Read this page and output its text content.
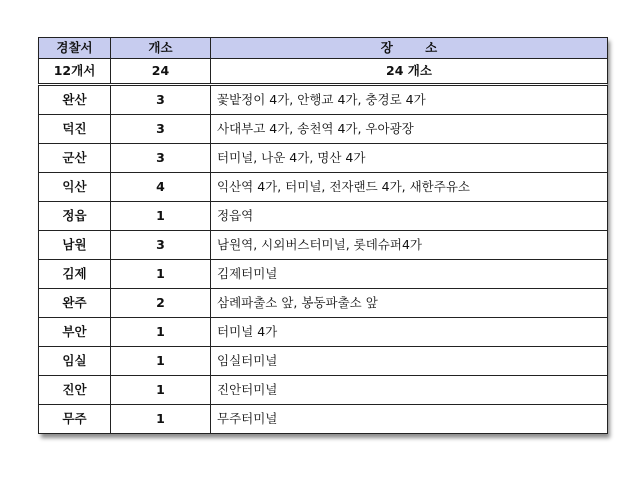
경찰서	개소	장 소
12개서	24	24 개소
완산	3	꽃밭정이 4가, 안행교 4가, 충경로 4가
덕진	3	사대부고 4가, 송천역 4가, 우아광장
군산	3	터미널, 나운 4가, 명산 4가
익산	4	익산역 4가, 터미널, 전자랜드 4가, 새한주유소
정읍	1	정읍역
남원	3	남원역, 시외버스터미널, 롯데슈퍼4가
김제	1	김제터미널
완주	2	삼례파출소 앞, 봉동파출소 앞
부안	1	터미널 4가
임실	1	임실터미널
진안	1	진안터미널
무주	1	무주터미널
